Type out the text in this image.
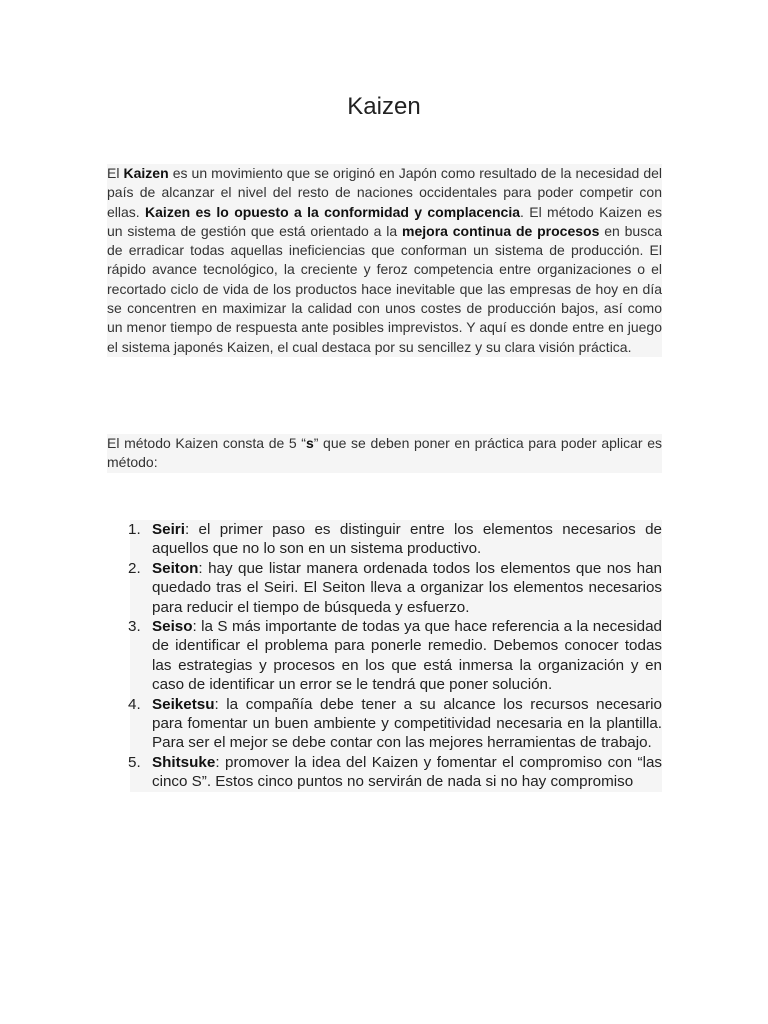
Kaizen

El Kaizen es un movimiento que se originó en Japón como resultado de la necesidad del país de alcanzar el nivel del resto de naciones occidentales para poder competir con ellas. Kaizen es lo opuesto a la conformidad y complacencia. El método Kaizen es un sistema de gestión que está orientado a la mejora continua de procesos en busca de erradicar todas aquellas ineficiencias que conforman un sistema de producción. El rápido avance tecnológico, la creciente y feroz competencia entre organizaciones o el recortado ciclo de vida de los productos hace inevitable que las empresas de hoy en día se concentren en maximizar la calidad con unos costes de producción bajos, así como un menor tiempo de respuesta ante posibles imprevistos. Y aquí es donde entre en juego el sistema japonés Kaizen, el cual destaca por su sencillez y su clara visión práctica.

El método Kaizen consta de 5 “s” que se deben poner en práctica para poder aplicar es método:

1. Seiri: el primer paso es distinguir entre los elementos necesarios de aquellos que no lo son en un sistema productivo.
2. Seiton: hay que listar manera ordenada todos los elementos que nos han quedado tras el Seiri. El Seiton lleva a organizar los elementos necesarios para reducir el tiempo de búsqueda y esfuerzo.
3. Seiso: la S más importante de todas ya que hace referencia a la necesidad de identificar el problema para ponerle remedio. Debemos conocer todas las estrategias y procesos en los que está inmersa la organización y en caso de identificar un error se le tendrá que poner solución.
4. Seiketsu: la compañía debe tener a su alcance los recursos necesario para fomentar un buen ambiente y competitividad necesaria en la plantilla. Para ser el mejor se debe contar con las mejores herramientas de trabajo.
5. Shitsuke: promover la idea del Kaizen y fomentar el compromiso con “las cinco S”. Estos cinco puntos no servirán de nada si no hay compromiso
